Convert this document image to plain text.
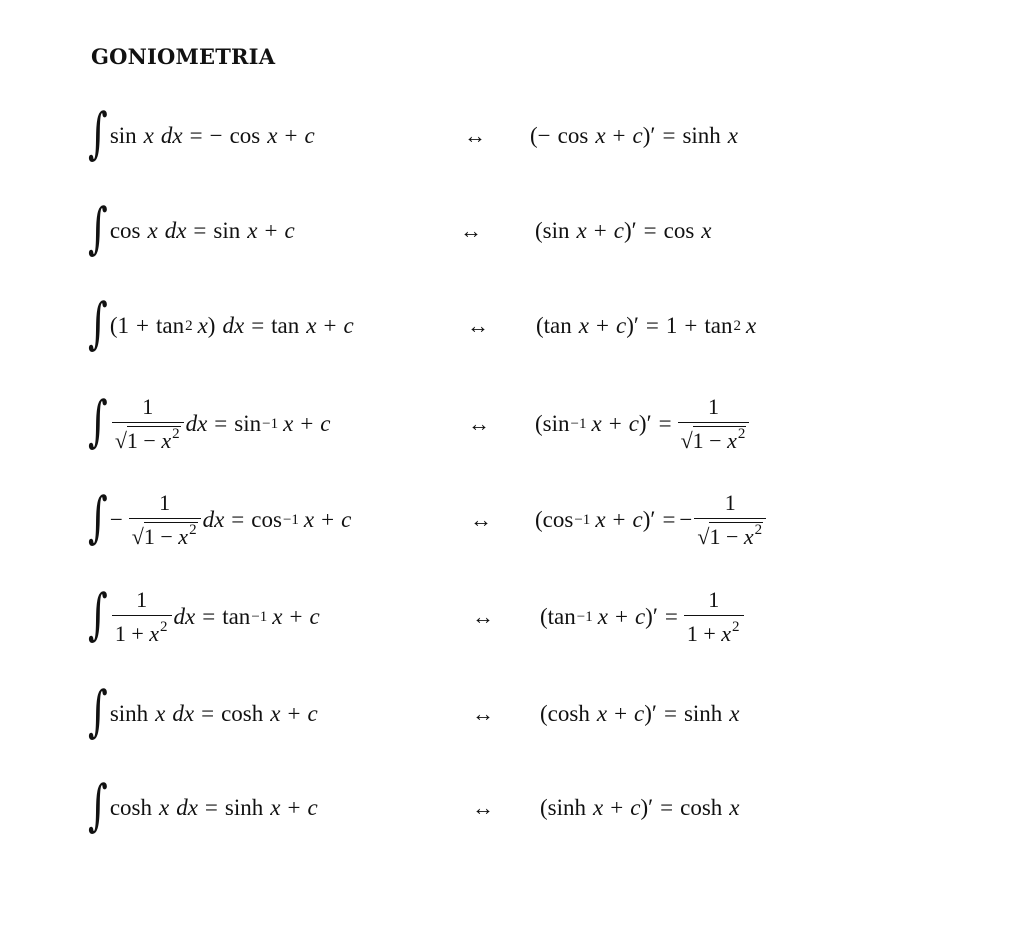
GONIOMETRIA
∫ sin x dx = − cos x + c	↔ ( − cos x + c )′ = sinh x
∫ cos x dx = sin x + c	↔ ( sin x + c )′ = cos x
∫ ( 1 + tan 2 x ) dx = tan x + c	↔ ( tan x + c )′ = 1 + tan 2 x
∫ $\frac{1}{√1 - x^2}$ dx = sin −1 x + c	↔ ( sin −1 x + c )′ = $\frac{1}{√1 - x^2}$
∫ − $\frac{1}{√1 - x^2}$ dx = cos −1 x + c	↔ ( cos −1 x + c )′ = − $\frac{1}{√1 - x^2}$
∫ $\frac{1}{1 + x^2}$ dx = tan −1 x + c	↔ ( tan −1 x + c )′ = $\frac{1}{1 + x^2}$
∫ sinh x dx = cosh x + c	↔ ( cosh x + c )′ = sinh x
∫ cosh x dx = sinh x + c	↔ ( sinh x + c )′ = cosh x
